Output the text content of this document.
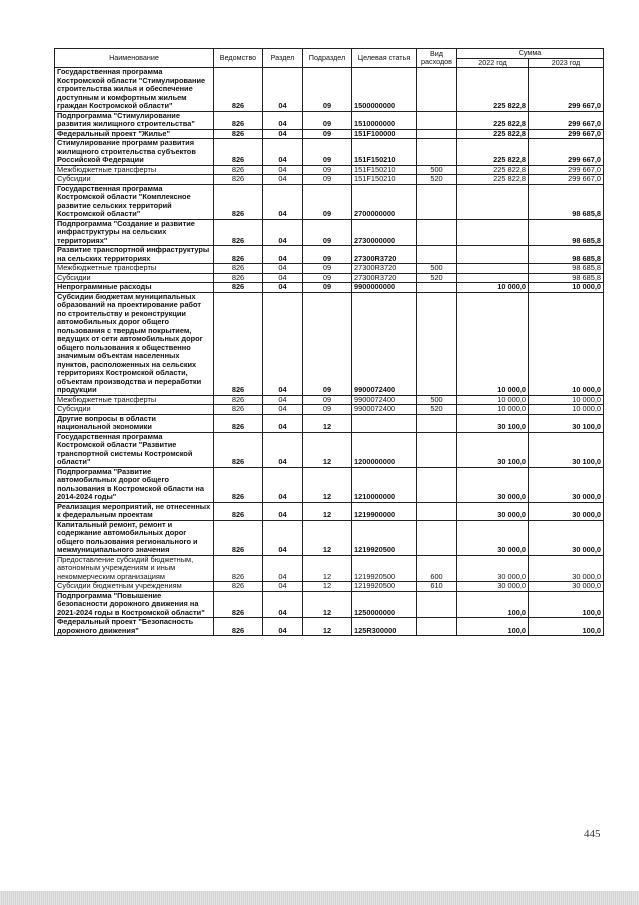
Наименование	Ведомство	Раздел	Подраздел	Целевая статья	Вид расходов	Сумма	
						2022 год	2023 год
Государственная программа Костромской области "Стимулирование строительства жилья и обеспечение доступным и комфортным жильем граждан Костромской области"	826	04	09	1500000000		225 822,8	299 667,0
Подпрограмма "Стимулирование развития жилищного строительства"	826	04	09	1510000000		225 822,8	299 667,0
Федеральный проект "Жилье"	826	04	09	151F100000		225 822,8	299 667,0
Стимулирование программ развития жилищного строительства субъектов Российской Федерации	826	04	09	151F150210		225 822,8	299 667,0
Межбюджетные трансферты	826	04	09	151F150210	500	225 822,8	299 667,0
Субсидии	826	04	09	151F150210	520	225 822,8	299 667,0
Государственная программа Костромской области "Комплексное развитие сельских территорий Костромской области"	826	04	09	2700000000			98 685,8
Подпрограмма "Создание и развитие инфраструктуры на сельских территориях"	826	04	09	2730000000			98 685,8
Развитие транспортной инфраструктуры на сельских территориях	826	04	09	27300R3720			98 685,8
Межбюджетные трансферты	826	04	09	27300R3720	500		98 685,8
Субсидии	826	04	09	27300R3720	520		98 685,8
Непрограммные расходы	826	04	09	9900000000		10 000,0	10 000,0
Субсидии бюджетам муниципальных образований на проектирование работ по строительству и реконструкции автомобильных дорог общего пользования с твердым покрытием, ведущих от сети автомобильных дорог общего пользования к общественно значимым объектам населенных пунктов, расположенных на сельских территориях Костромской области, объектам производства и переработки продукции	826	04	09	9900072400		10 000,0	10 000,0
Межбюджетные трансферты	826	04	09	9900072400	500	10 000,0	10 000,0
Субсидии	826	04	09	9900072400	520	10 000,0	10 000,0
Другие вопросы в области национальной экономики	826	04	12			30 100,0	30 100,0
Государственная программа Костромской области "Развитие транспортной системы Костромской области"	826	04	12	1200000000		30 100,0	30 100,0
Подпрограмма "Развитие автомобильных дорог общего пользования в Костромской области на 2014-2024 годы"	826	04	12	1210000000		30 000,0	30 000,0
Реализация мероприятий, не отнесенных к федеральным проектам	826	04	12	1219900000		30 000,0	30 000,0
Капитальный ремонт, ремонт и содержание автомобильных дорог общего пользования регионального и межмуниципального значения	826	04	12	1219920500		30 000,0	30 000,0
Предоставление субсидий бюджетным, автономным учреждениям и иным некоммерческим организациям	826	04	12	1219920500	600	30 000,0	30 000,0
Субсидии бюджетным учреждениям	826	04	12	1219920500	610	30 000,0	30 000,0
Подпрограмма "Повышение безопасности дорожного движения на 2021-2024 годы в Костромской области"	826	04	12	1250000000		100,0	100,0
Федеральный проект "Безопасность дорожного движения"	826	04	12	125R300000		100,0	100,0
445
